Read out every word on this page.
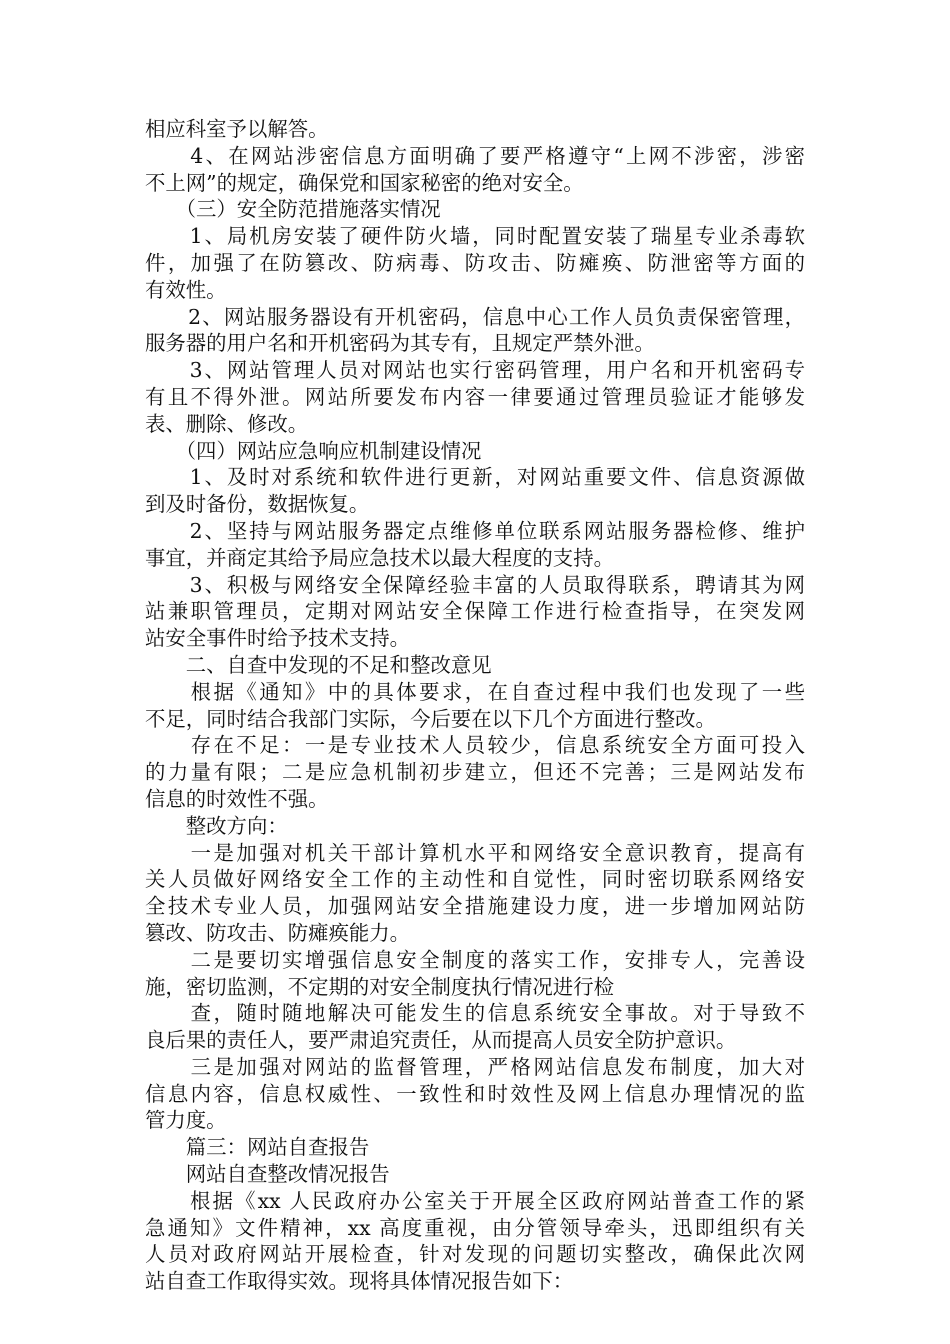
相应科室予以解答。
　　4、在网站涉密信息方面明确了要严格遵守“上网不涉密，涉密
不上网”的规定，确保党和国家秘密的绝对安全。
　　（三）安全防范措施落实情况
　　1、局机房安装了硬件防火墙，同时配置安装了瑞星专业杀毒软
件，加强了在防篡改、防病毒、防攻击、防瘫痪、防泄密等方面的
有效性。
　　2、网站服务器设有开机密码，信息中心工作人员负责保密管理，
服务器的用户名和开机密码为其专有，且规定严禁外泄。
　　3、网站管理人员对网站也实行密码管理，用户名和开机密码专
有且不得外泄。网站所要发布内容一律要通过管理员验证才能够发
表、删除、修改。
　　（四）网站应急响应机制建设情况
　　1、及时对系统和软件进行更新，对网站重要文件、信息资源做
到及时备份，数据恢复。
　　2、坚持与网站服务器定点维修单位联系网站服务器检修、维护
事宜，并商定其给予局应急技术以最大程度的支持。
　　3、积极与网络安全保障经验丰富的人员取得联系，聘请其为网
站兼职管理员，定期对网站安全保障工作进行检查指导，在突发网
站安全事件时给予技术支持。
　　二、自查中发现的不足和整改意见
　　根据《通知》中的具体要求，在自查过程中我们也发现了一些
不足，同时结合我部门实际，今后要在以下几个方面进行整改。
　　存在不足：一是专业技术人员较少，信息系统安全方面可投入
的力量有限；二是应急机制初步建立，但还不完善；三是网站发布
信息的时效性不强。
　　整改方向：
　　一是加强对机关干部计算机水平和网络安全意识教育，提高有
关人员做好网络安全工作的主动性和自觉性，同时密切联系网络安
全技术专业人员，加强网站安全措施建设力度，进一步增加网站防
篡改、防攻击、防瘫痪能力。
　　二是要切实增强信息安全制度的落实工作，安排专人，完善设
施，密切监测，不定期的对安全制度执行情况进行检
　　查，随时随地解决可能发生的信息系统安全事故。对于导致不
良后果的责任人，要严肃追究责任，从而提高人员安全防护意识。
　　三是加强对网站的监督管理，严格网站信息发布制度，加大对
信息内容，信息权威性、一致性和时效性及网上信息办理情况的监
管力度。
　　篇三：网站自查报告
　　网站自查整改情况报告
　　根据《xx 人民政府办公室关于开展全区政府网站普查工作的紧
急通知》文件精神，xx 高度重视，由分管领导牵头，迅即组织有关
人员对政府网站开展检查，针对发现的问题切实整改，确保此次网
站自查工作取得实效。现将具体情况报告如下：
